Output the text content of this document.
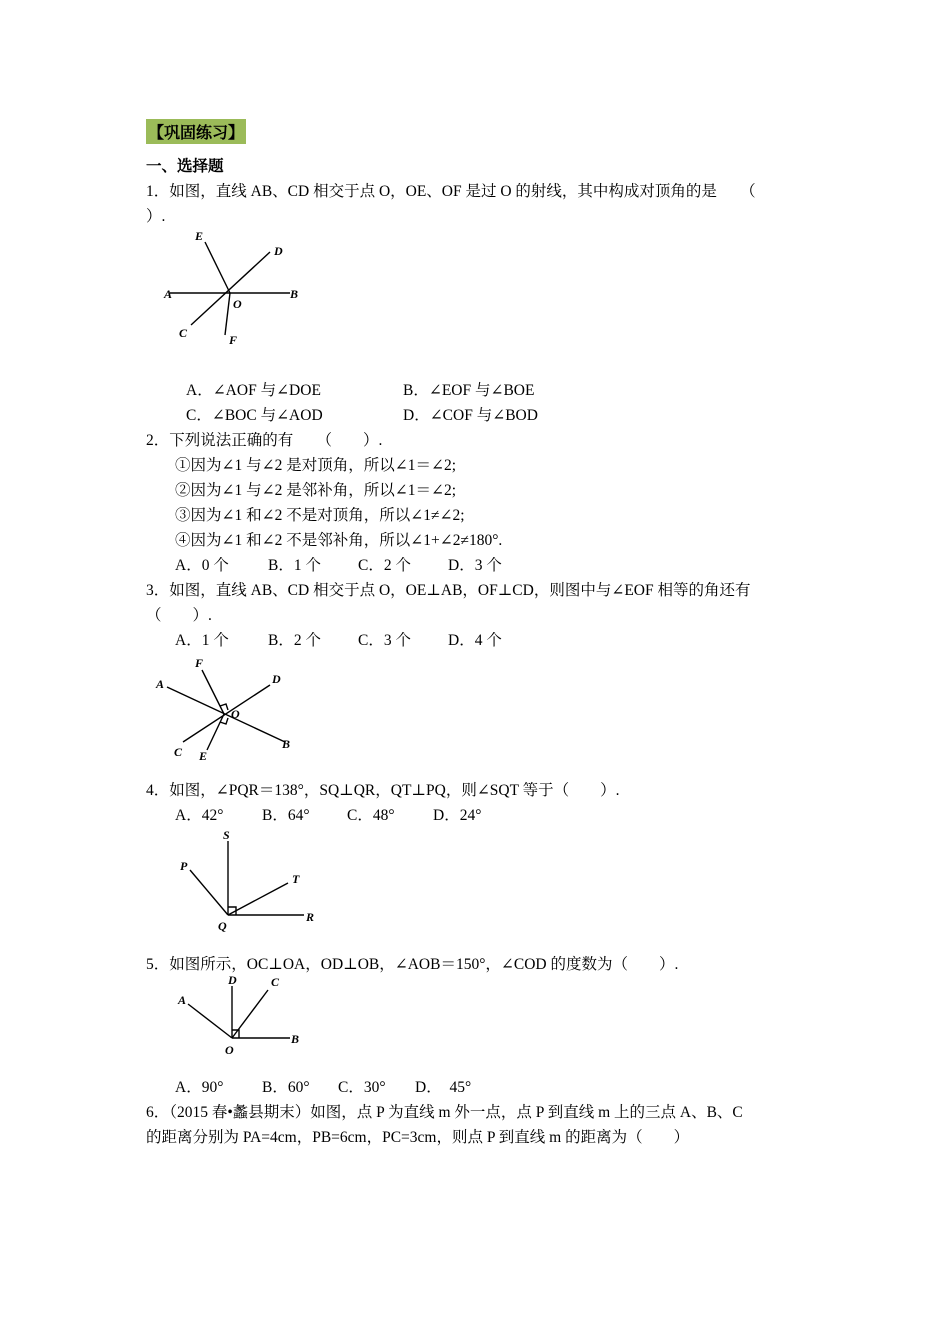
【巩固练习】
一、选择题
1．如图，直线 AB、CD 相交于点 O，OE、OF 是过 O 的射线，其中构成对顶角的是　　（
）.
E
D
A
O
B
C	F
A．∠AOF 与∠DOE	B．∠EOF 与∠BOE
C．∠BOC 与∠AOD	D．∠COF 与∠BOD
2．下列说法正确的有　　（　　）.
①因为∠1 与∠2 是对顶角，所以∠1＝∠2;
②因为∠1 与∠2 是邻补角，所以∠1＝∠2;
③因为∠1 和∠2 不是对顶角，所以∠1≠∠2;
④因为∠1 和∠2 不是邻补角，所以∠1+∠2≠180°.
A．0 个	B．1 个 C．2 个 D．3 个
3．如图，直线 AB、CD 相交于点 O，OE⊥AB，OF⊥CD，则图中与∠EOF 相等的角还有
（　　）.
A．1 个	B．2 个 C．3 个 D．4 个
F
A	D
O
C E
B
4．如图，∠PQR＝138°，SQ⊥QR，QT⊥PQ，则∠SQT 等于（　　）.
A．42° B．64° C．48° D．24°
S
P
T
Q
R
5．如图所示，OC⊥OA，OD⊥OB，∠AOB＝150°，∠COD 的度数为（　　）.
D	C
A
O
B
A．90° B．60° C．30° D．　45°
6．（2015 春•蠡县期末）如图，点 P 为直线 m 外一点，点 P 到直线 m 上的三点 A、B、C
的距离分别为 PA=4cm，PB=6cm，PC=3cm，则点 P 到直线 m 的距离为（　　）
